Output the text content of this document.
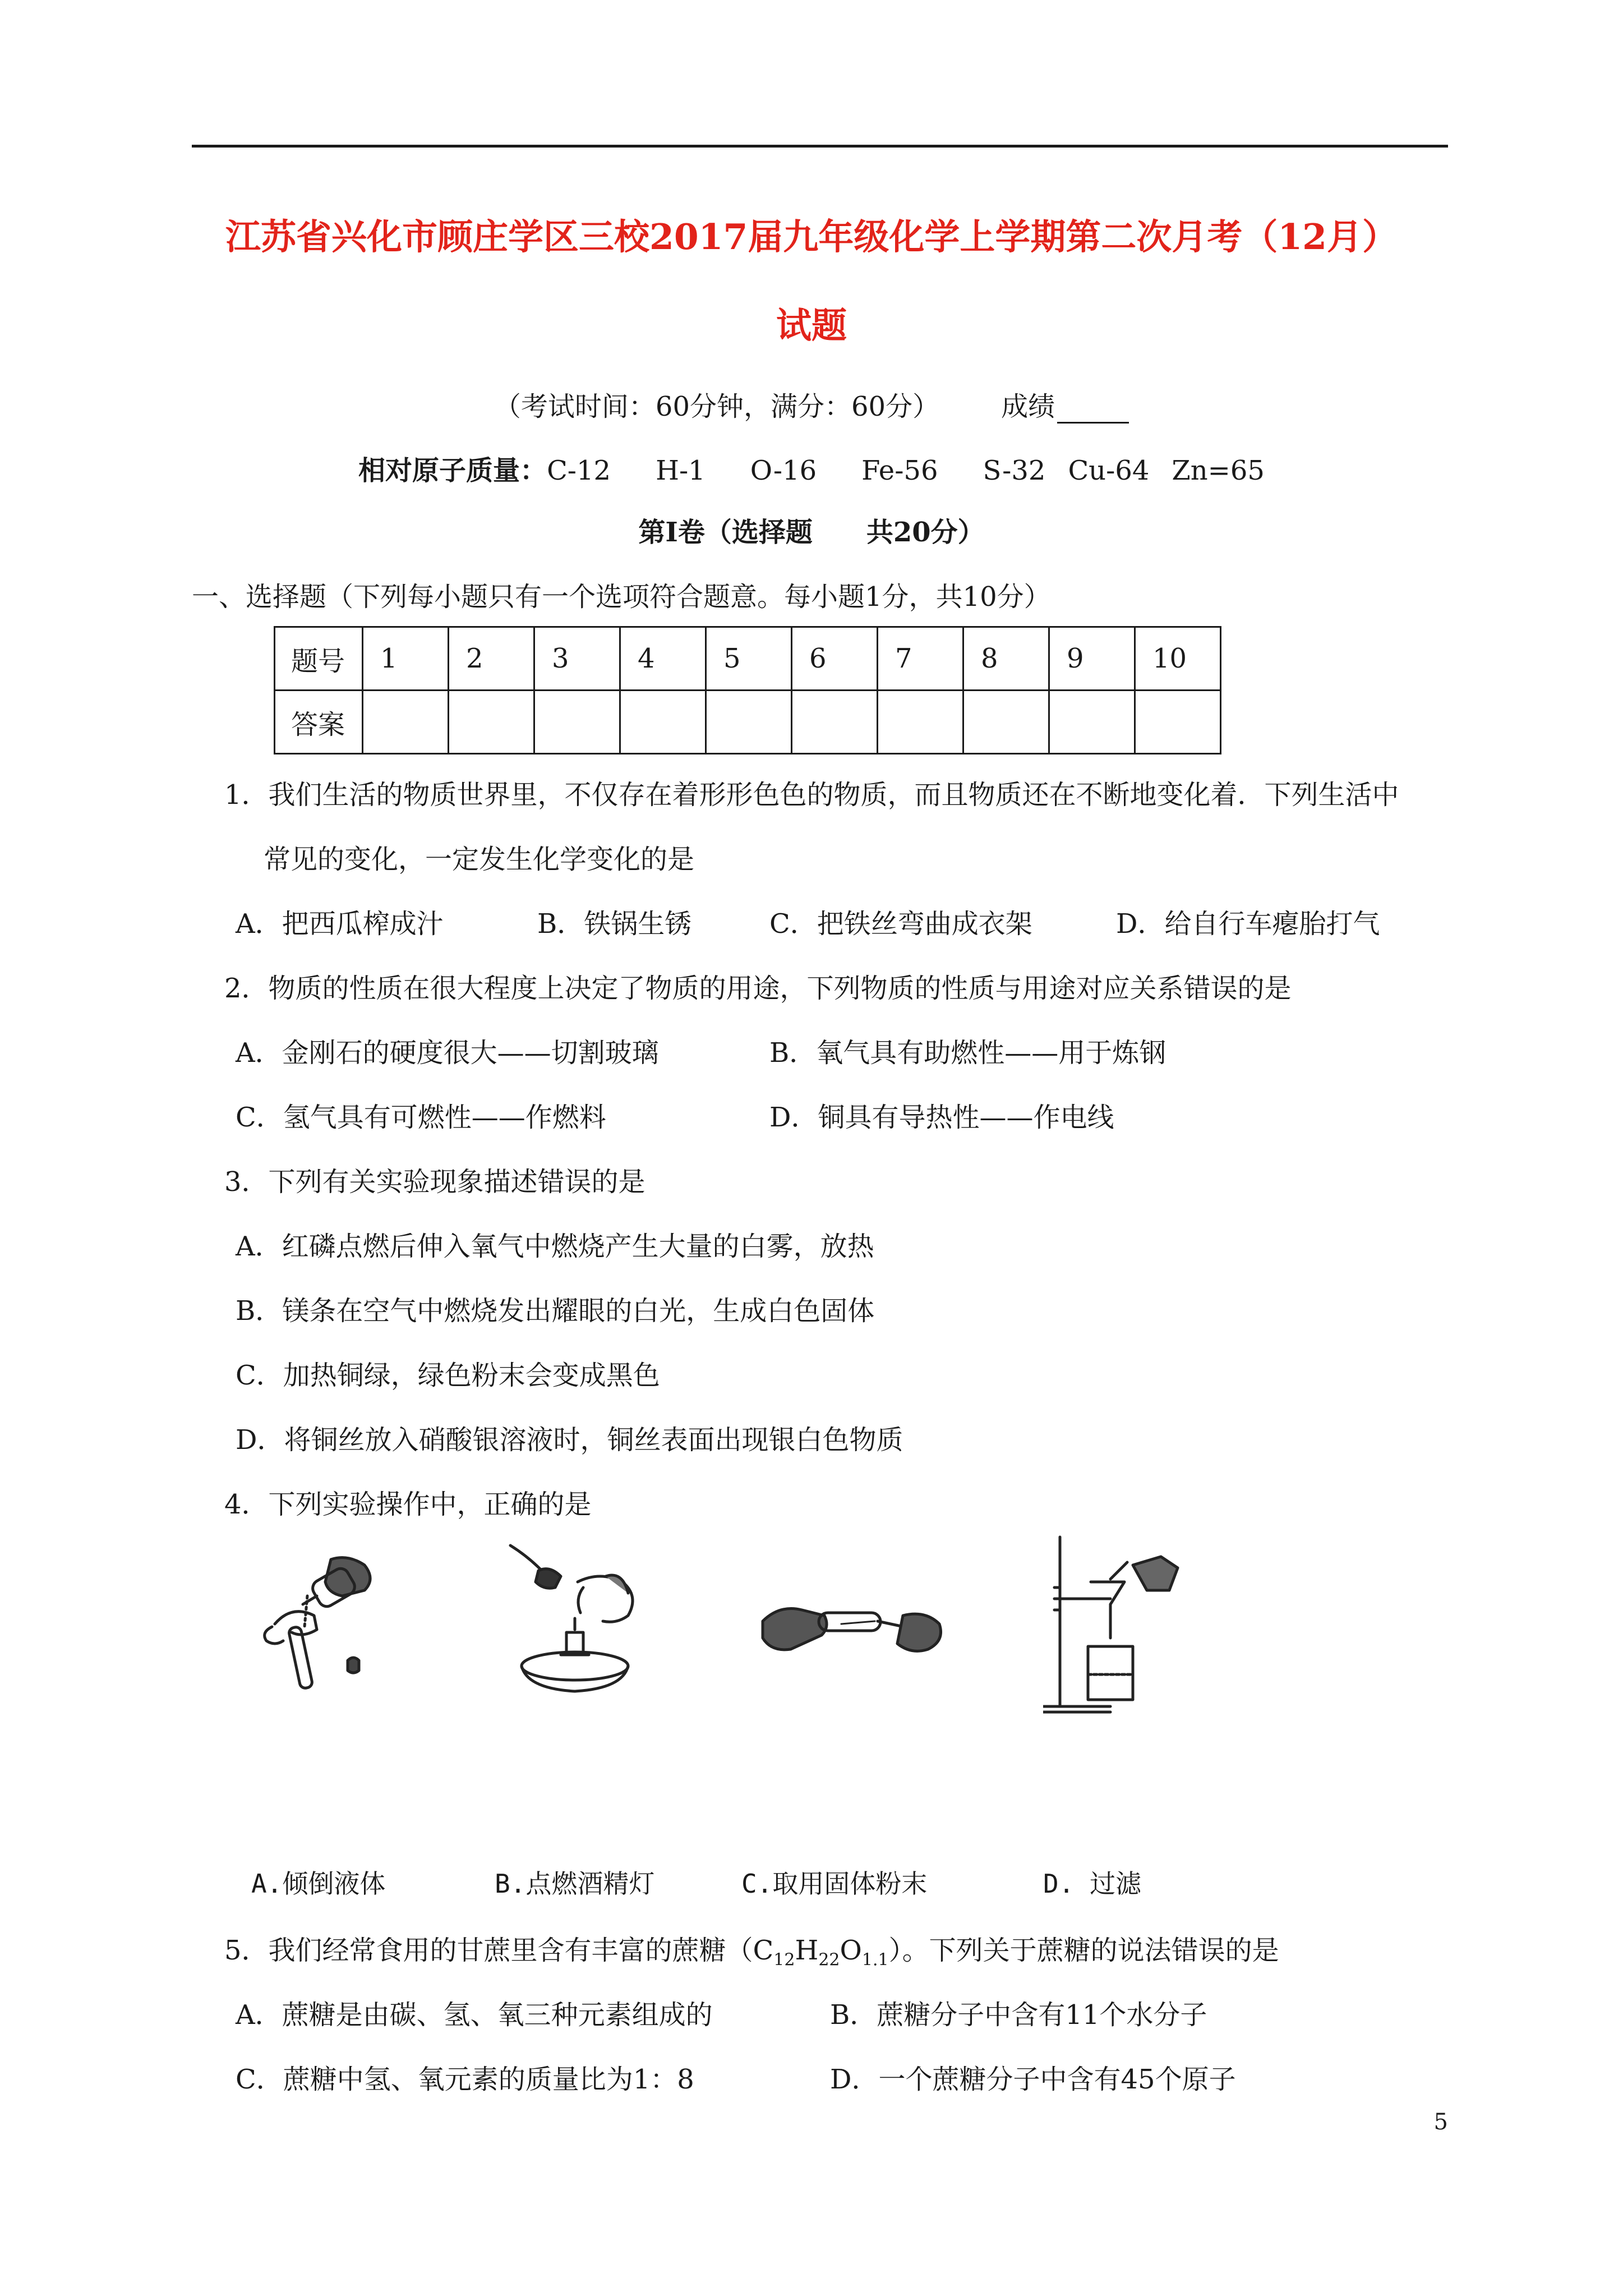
江苏省兴化市顾庄学区三校2017届九年级化学上学期第二次月考（12月）
试题
（考试时间：60分钟，满分：60分） 成绩
相对原子质量：C-12 H-1 O-16 Fe-56 S-32 Cu-64 Zn=65
第Ⅰ卷（选择题　　共20分）
一、选择题（下列每小题只有一个选项符合题意。每小题1分，共10分）
题号	1	2	3	4	5	6	7	8	9	10
答案										
1．我们生活的物质世界里，不仅存在着形形色色的物质，而且物质还在不断地变化着．下列生活中
常见的变化，一定发生化学变化的是
A．把西瓜榨成汁	B．铁锅生锈	C．把铁丝弯曲成衣架	D．给自行车瘪胎打气
2．物质的性质在很大程度上决定了物质的用途，下列物质的性质与用途对应关系错误的是
A．金刚石的硬度很大——切割玻璃	B．氧气具有助燃性——用于炼钢
C．氢气具有可燃性——作燃料	D．铜具有导热性——作电线
3．下列有关实验现象描述错误的是
A．红磷点燃后伸入氧气中燃烧产生大量的白雾，放热
B．镁条在空气中燃烧发出耀眼的白光，生成白色固体
C．加热铜绿，绿色粉末会变成黑色
D．将铜丝放入硝酸银溶液时，铜丝表面出现银白色物质
4．下列实验操作中，正确的是
A.倾倒液体	B.点燃酒精灯	C.取用固体粉末	D. 过滤
5．我们经常食用的甘蔗里含有丰富的蔗糖$(C_{12}H_{22}O_{1.1})$。下列关于蔗糖的说法错误的是
A．蔗糖是由碳、氢、氧三种元素组成的	B．蔗糖分子中含有11个水分子
C．蔗糖中氢、氧元素的质量比为1：8	D．一个蔗糖分子中含有45个原子
5
